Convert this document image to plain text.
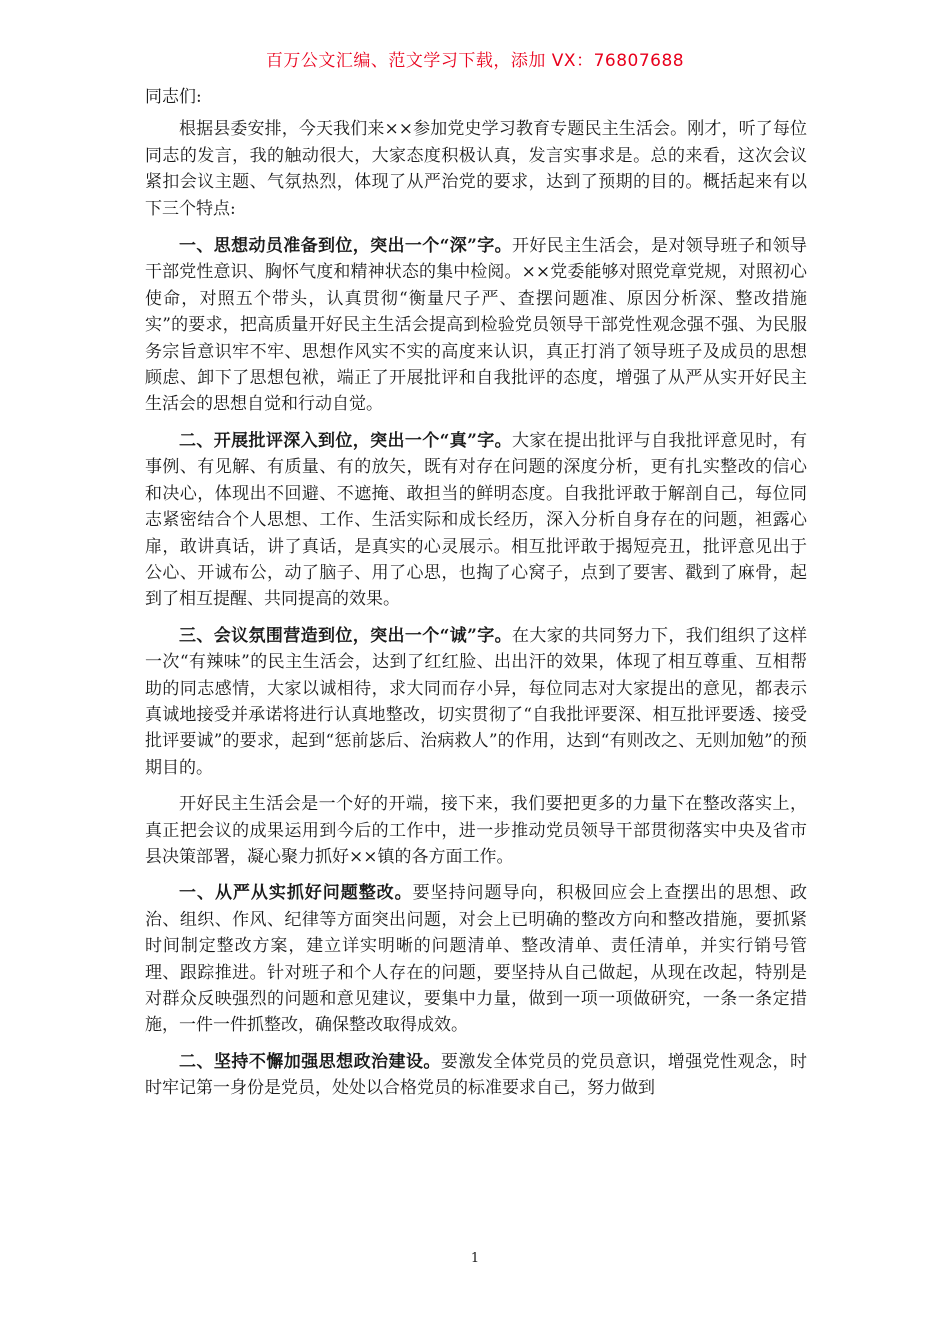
百万公文汇编、范文学习下载，添加 VX：76807688

同志们:

根据县委安排，今天我们来××参加党史学习教育专题民主生活会。刚才，听了每位同志的发言，我的触动很大，大家态度积极认真，发言实事求是。总的来看，这次会议紧扣会议主题、气氛热烈，体现了从严治党的要求，达到了预期的目的。概括起来有以下三个特点:

一、思想动员准备到位，突出一个“深”字。开好民主生活会，是对领导班子和领导干部党性意识、胸怀气度和精神状态的集中检阅。××党委能够对照党章党规，对照初心使命，对照五个带头，认真贯彻“衡量尺子严、查摆问题准、原因分析深、整改措施实”的要求，把高质量开好民主生活会提高到检验党员领导干部党性观念强不强、为民服务宗旨意识牢不牢、思想作风实不实的高度来认识，真正打消了领导班子及成员的思想顾虑、卸下了思想包袱，端正了开展批评和自我批评的态度，增强了从严从实开好民主生活会的思想自觉和行动自觉。

二、开展批评深入到位，突出一个“真”字。大家在提出批评与自我批评意见时，有事例、有见解、有质量、有的放矢，既有对存在问题的深度分析，更有扎实整改的信心和决心，体现出不回避、不遮掩、敢担当的鲜明态度。自我批评敢于解剖自己，每位同志紧密结合个人思想、工作、生活实际和成长经历，深入分析自身存在的问题，袒露心扉，敢讲真话，讲了真话，是真实的心灵展示。相互批评敢于揭短亮丑，批评意见出于公心、开诚布公，动了脑子、用了心思，也掏了心窝子，点到了要害、戳到了麻骨，起到了相互提醒、共同提高的效果。

三、会议氛围营造到位，突出一个“诚”字。在大家的共同努力下，我们组织了这样一次“有辣味”的民主生活会，达到了红红脸、出出汗的效果，体现了相互尊重、互相帮助的同志感情，大家以诚相待，求大同而存小异，每位同志对大家提出的意见，都表示真诚地接受并承诺将进行认真地整改，切实贯彻了“自我批评要深、相互批评要透、接受批评要诚”的要求，起到“惩前毖后、治病救人”的作用，达到“有则改之、无则加勉”的预期目的。

开好民主生活会是一个好的开端，接下来，我们要把更多的力量下在整改落实上，真正把会议的成果运用到今后的工作中，进一步推动党员领导干部贯彻落实中央及省市县决策部署，凝心聚力抓好××镇的各方面工作。

一、从严从实抓好问题整改。要坚持问题导向，积极回应会上查摆出的思想、政治、组织、作风、纪律等方面突出问题，对会上已明确的整改方向和整改措施，要抓紧时间制定整改方案，建立详实明晰的问题清单、整改清单、责任清单，并实行销号管理、跟踪推进。针对班子和个人存在的问题，要坚持从自己做起，从现在改起，特别是对群众反映强烈的问题和意见建议，要集中力量，做到一项一项做研究，一条一条定措施，一件一件抓整改，确保整改取得成效。

二、坚持不懈加强思想政治建设。要激发全体党员的党员意识，增强党性观念，时时牢记第一身份是党员，处处以合格党员的标准要求自己，努力做到

1
